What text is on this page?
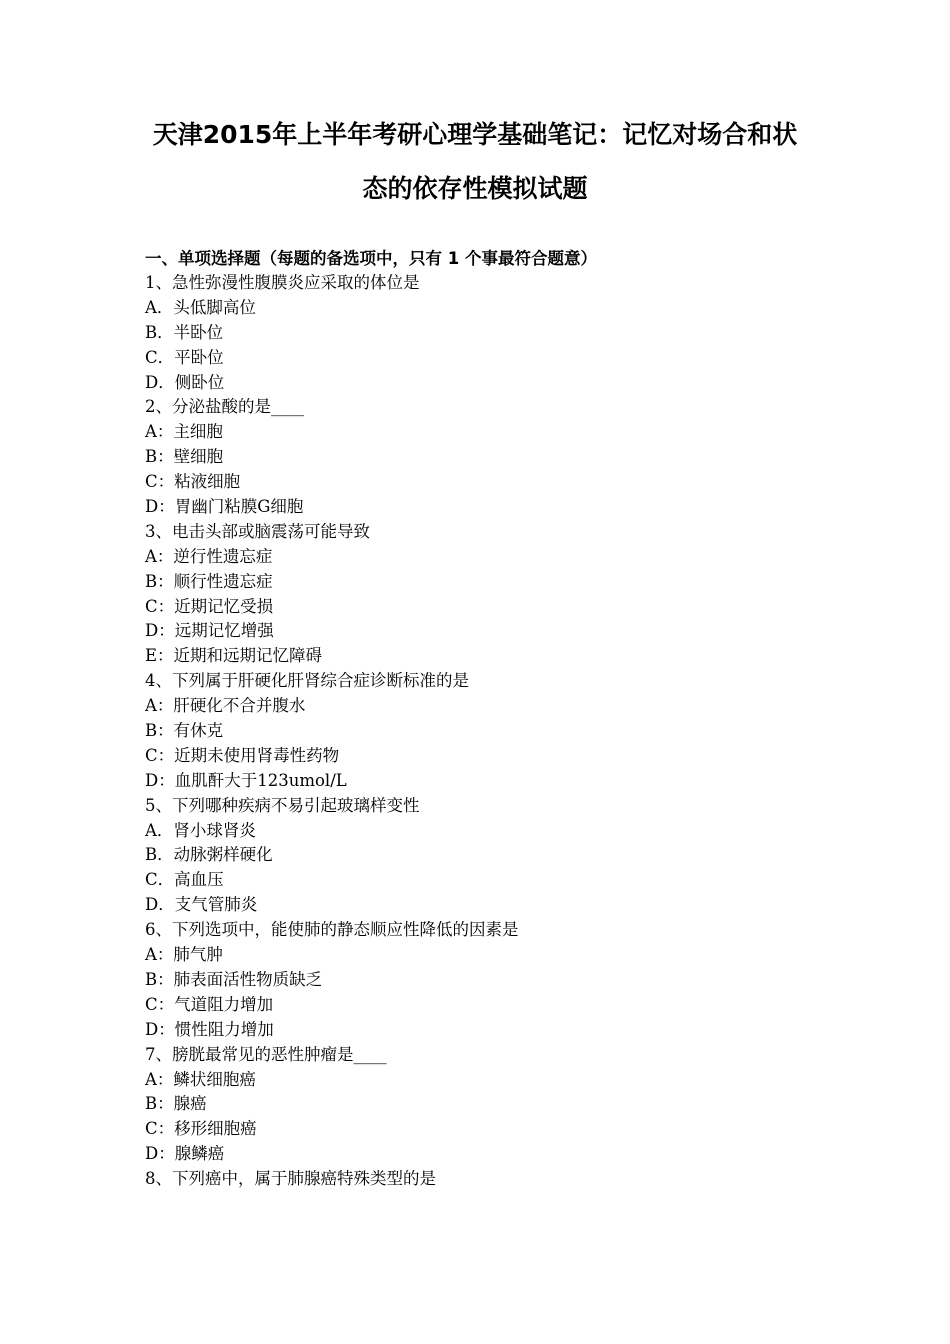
天津2015年上半年考研心理学基础笔记：记忆对场合和状
态的依存性模拟试题
一、单项选择题（每题的备选项中，只有 1 个事最符合题意）
1、急性弥漫性腹膜炎应采取的体位是
A．头低脚高位
B．半卧位
C．平卧位
D．侧卧位
2、分泌盐酸的是____
A：主细胞
B：壁细胞
C：粘液细胞
D：胃幽门粘膜G细胞
3、电击头部或脑震荡可能导致
A：逆行性遗忘症
B：顺行性遗忘症
C：近期记忆受损
D：远期记忆增强
E：近期和远期记忆障碍
4、下列属于肝硬化肝肾综合症诊断标准的是
A：肝硬化不合并腹水
B：有休克
C：近期未使用肾毒性药物
D：血肌酐大于123umol/L
5、下列哪种疾病不易引起玻璃样变性
A．肾小球肾炎
B．动脉粥样硬化
C．高血压
D．支气管肺炎
6、下列选项中，能使肺的静态顺应性降低的因素是
A：肺气肿
B：肺表面活性物质缺乏
C：气道阻力增加
D：惯性阻力增加
7、膀胱最常见的恶性肿瘤是____
A：鳞状细胞癌
B：腺癌
C：移形细胞癌
D：腺鳞癌
8、下列癌中，属于肺腺癌特殊类型的是
